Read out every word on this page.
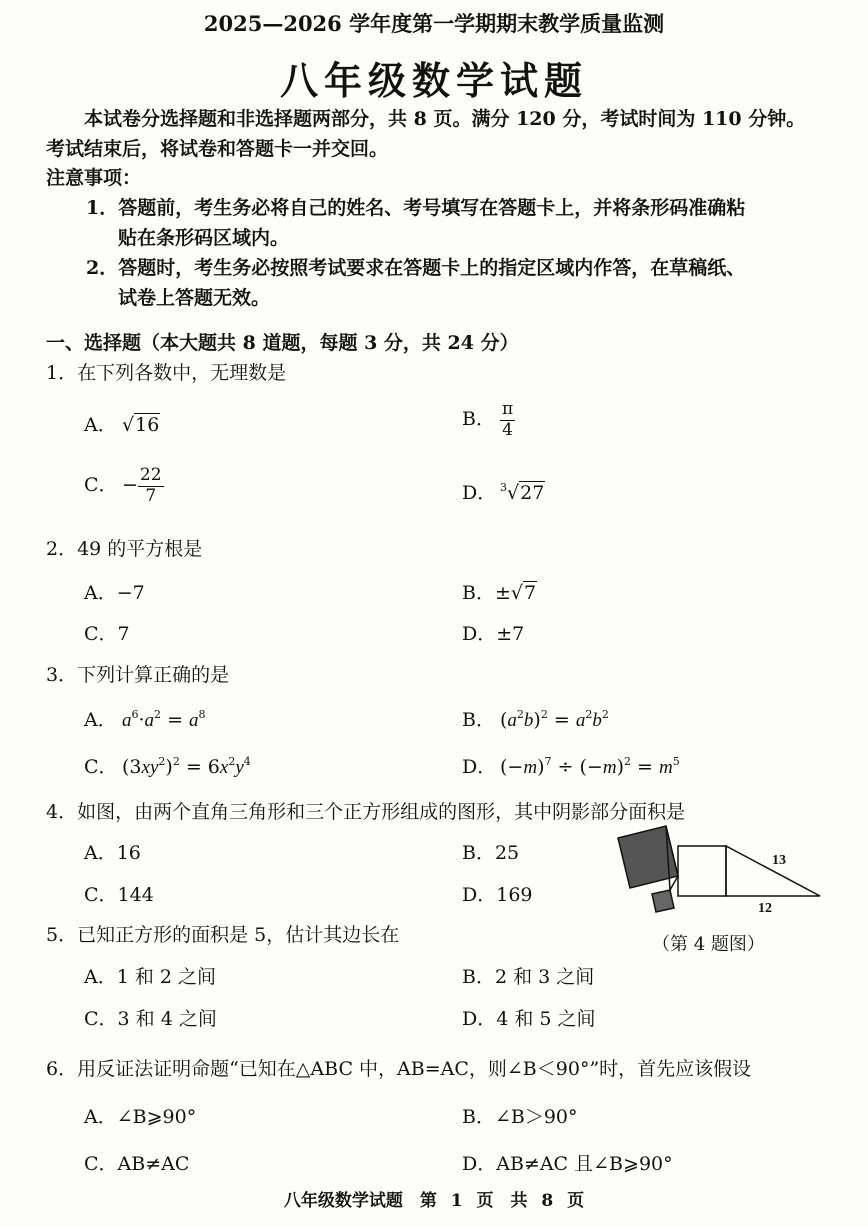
2025—2026 学年度第一学期期末教学质量监测
八年级数学试题
本试卷分选择题和非选择题两部分，共 8 页。满分 120 分，考试时间为 110 分钟。
考试结束后，将试卷和答题卡一并交回。
注意事项：
1．答题前，考生务必将自己的姓名、考号填写在答题卡上，并将条形码准确粘
贴在条形码区域内。
2．答题时，考生务必按照考试要求在答题卡上的指定区域内作答，在草稿纸、
试卷上答题无效。
一、选择题（本大题共 8 道题，每题 3 分，共 24 分）
1．在下列各数中，无理数是
A． √16	B． $\frac{\pi}{4}$
C． − $\frac{22}{7}$	D． $^3$√27
2．49 的平方根是
A．−7	B．±√7
C．7	D．±7
3．下列计算正确的是
A． $a^6\cdot a^2 = a^8$	B． $(a^2b)^2 = a^2b^2$
C． $(3xy^2)^2 = 6x^2y^4$	D． $(-m)^7 \div (-m)^2 = m^5$
4．如图，由两个直角三角形和三个正方形组成的图形，其中阴影部分面积是
A．16	B．25
C．144	D．169
13
12
（第 4 题图）
5．已知正方形的面积是 5，估计其边长在
A．1 和 2 之间	B．2 和 3 之间
C．3 和 4 之间	D．4 和 5 之间
6．用反证法证明命题“已知在△ABC 中，AB=AC，则∠B＜90°”时，首先应该假设
A．∠B⩾90°	B．∠B＞90°
C．AB≠AC	D．AB≠AC 且∠B⩾90°
八年级数学试题　第 1 页　共 8 页
